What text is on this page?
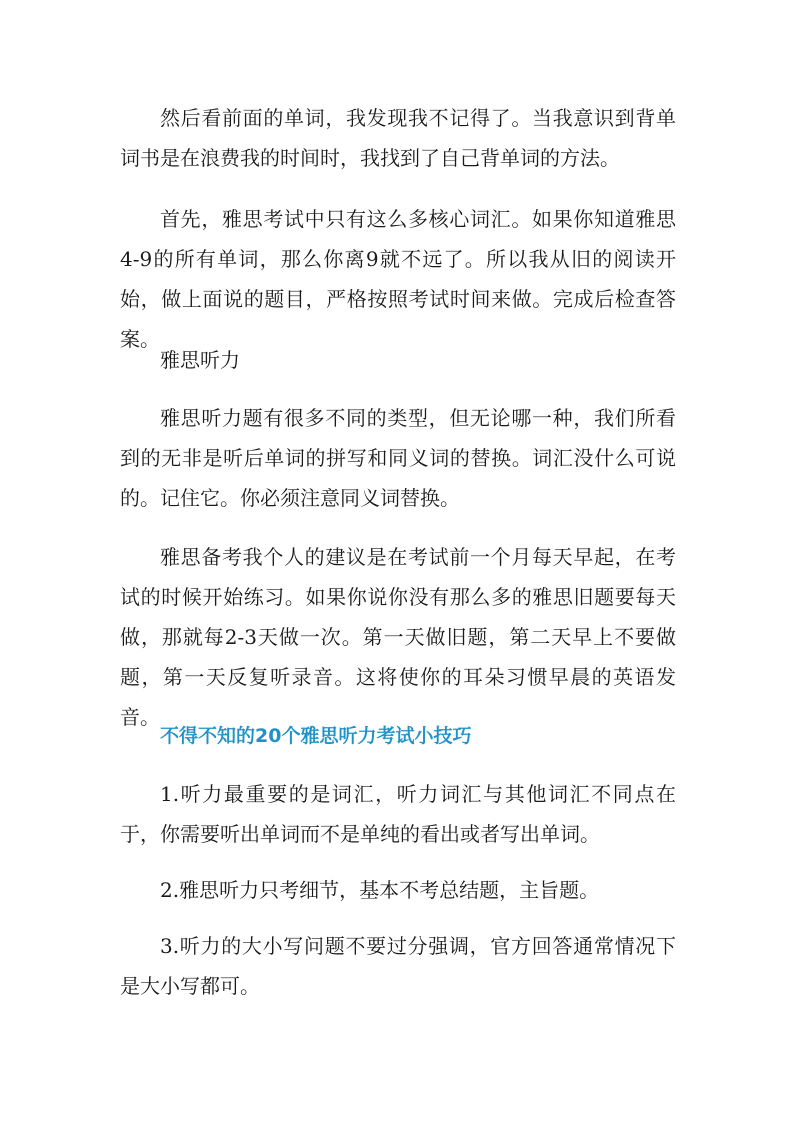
然后看前面的单词，我发现我不记得了。当我意识到背单词书是在浪费我的时间时，我找到了自己背单词的方法。

首先，雅思考试中只有这么多核心词汇。如果你知道雅思4-9的所有单词，那么你离9就不远了。所以我从旧的阅读开始，做上面说的题目，严格按照考试时间来做。完成后检查答案。

雅思听力

雅思听力题有很多不同的类型，但无论哪一种，我们所看到的无非是听后单词的拼写和同义词的替换。词汇没什么可说的。记住它。你必须注意同义词替换。

雅思备考我个人的建议是在考试前一个月每天早起，在考试的时候开始练习。如果你说你没有那么多的雅思旧题要每天做，那就每2-3天做一次。第一天做旧题，第二天早上不要做题，第一天反复听录音。这将使你的耳朵习惯早晨的英语发音。

不得不知的20个雅思听力考试小技巧

1.听力最重要的是词汇，听力词汇与其他词汇不同点在于，你需要听出单词而不是单纯的看出或者写出单词。

2.雅思听力只考细节，基本不考总结题，主旨题。

3.听力的大小写问题不要过分强调，官方回答通常情况下是大小写都可。
